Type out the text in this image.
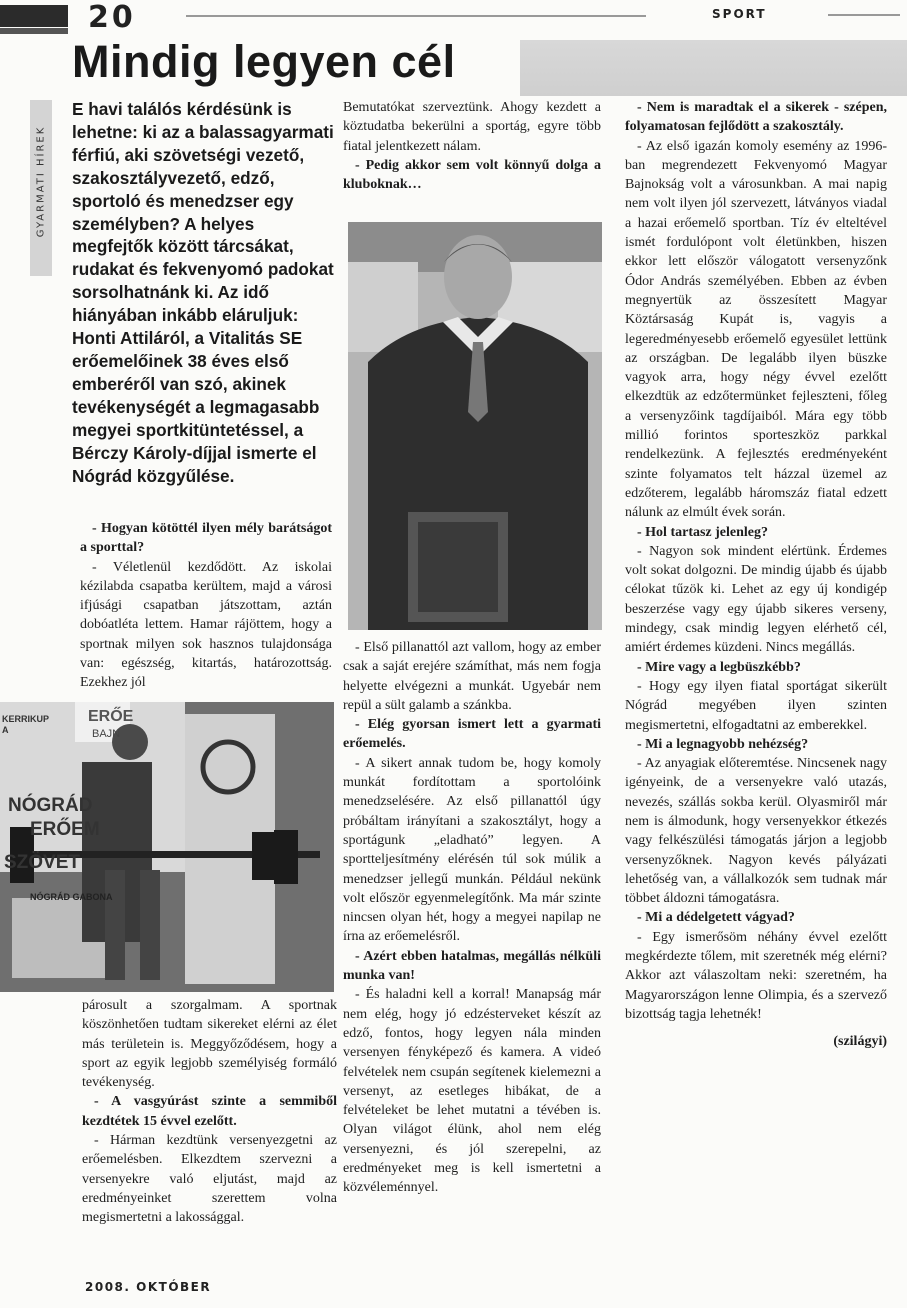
20	SPORT
Mindig legyen cél
GYARMATI HÍREK
E havi találós kérdésünk is lehetne: ki az a balassagyarmati férfiú, aki szövetségi vezető, szakosztályvezető, edző, sportoló és menedzser egy személyben? A helyes megfejtők között tárcsákat, rudakat és fekvenyomó padokat sorsolhatnánk ki. Az idő hiányában inkább eláruljuk: Honti Attiláról, a Vitalitás SE erőemelőinek 38 éves első emberéről van szó, akinek tevékenységét a legmagasabb megyei sportkitüntetéssel, a Bérczy Károly-díjjal ismerte el Nógrád közgyűlése.

- Hogyan kötöttél ilyen mély barátságot a sporttal?

- Véletlenül kezdődött. Az iskolai kézilabda csapatba kerültem, majd a városi ifjúsági csapatban játszottam, aztán dobóatléta lettem. Hamar rájöttem, hogy a sportnak milyen sok hasznos tulajdonsága van: egészség, kitartás, határozottság. Ezekhez jól

NÓGRÁD
ERŐEM
SZÖVET
ERŐE
BAJN
KERRIKUPA
NÓGRÁD GABONA

párosult a szorgalmam. A sportnak köszönhetően tudtam sikereket elérni az élet más területein is. Meggyőződésem, hogy a sport az egyik legjobb személyiség formáló tevékenység.

- A vasgyúrást szinte a semmiből kezdtétek 15 évvel ezelőtt.

- Hárman kezdtünk versenyezgetni az erőemelésben. Elkezdtem szervezni a versenyekre való eljutást, majd az eredményeinket szerettem volna megismertetni a lakossággal.

Bemutatókat szerveztünk. Ahogy kezdett a köztudatba bekerülni a sportág, egyre több fiatal jelentkezett nálam.

- Pedig akkor sem volt könnyű dolga a kluboknak…

- Első pillanattól azt vallom, hogy az ember csak a saját erejére számíthat, más nem fogja helyette elvégezni a munkát. Ugyebár nem repül a sült galamb a szánkba.

- Elég gyorsan ismert lett a gyarmati erőemelés.

- A sikert annak tudom be, hogy komoly munkát fordítottam a sportolóink menedzselésére. Az első pillanattól úgy próbáltam irányítani a szakosztályt, hogy a sportágunk „eladható” legyen. A sportteljesítmény elérésén túl sok múlik a menedzser jellegű munkán. Például nekünk volt először egyenmelegítőnk. Ma már szinte nincsen olyan hét, hogy a megyei napilap ne írna az erőemelésről.

- Azért ebben hatalmas, megállás nélküli munka van!

- És haladni kell a korral! Manapság már nem elég, hogy jó edzésterveket készít az edző, fontos, hogy legyen nála minden versenyen fényképező és kamera. A videó felvételek nem csupán segítenek kielemezni a versenyt, az esetleges hibákat, de a felvételeket be lehet mutatni a tévében is. Olyan világot élünk, ahol nem elég versenyezni, és jól szerepelni, az eredményeket meg is kell ismertetni a közvéleménnyel.

- Nem is maradtak el a sikerek - szépen, folyamatosan fejlődött a szakosztály.

- Az első igazán komoly esemény az 1996-ban megrendezett Fekvenyomó Magyar Bajnokság volt a városunkban. A mai napig nem volt ilyen jól szervezett, látványos viadal a hazai erőemelő sportban. Tíz év elteltével ismét fordulópont volt életünkben, hiszen ekkor lett először válogatott versenyzőnk Ódor András személyében. Ebben az évben megnyertük az összesített Magyar Köztársaság Kupát is, vagyis a legeredményesebb erőemelő egyesület lettünk az országban. De legalább ilyen büszke vagyok arra, hogy négy évvel ezelőtt elkezdtük az edzőtermünket fejleszteni, főleg a versenyzőink tagdíjaiból. Mára egy több millió forintos sporteszköz parkkal rendelkezünk. A fejlesztés eredményeként szinte folyamatos telt házzal üzemel az edzőterem, legalább háromszáz fiatal edzett nálunk az elmúlt évek során.

- Hol tartasz jelenleg?

- Nagyon sok mindent elértünk. Érdemes volt sokat dolgozni. De mindig újabb és újabb célokat tűzök ki. Lehet az egy új kondigép beszerzése vagy egy újabb sikeres verseny, mindegy, csak mindig legyen elérhető cél, amiért érdemes küzdeni. Nincs megállás.

- Mire vagy a legbüszkébb?

- Hogy egy ilyen fiatal sportágat sikerült Nógrád megyében ilyen szinten megismertetni, elfogadtatni az emberekkel.

- Mi a legnagyobb nehézség?

- Az anyagiak előteremtése. Nincsenek nagy igényeink, de a versenyekre való utazás, nevezés, szállás sokba kerül. Olyasmiről már nem is álmodunk, hogy versenyekkor étkezés vagy felkészülési támogatás járjon a legjobb versenyzőknek. Nagyon kevés pályázati lehetőség van, a vállalkozók sem tudnak már többet áldozni támogatásra.

- Mi a dédelgetett vágyad?

- Egy ismerősöm néhány évvel ezelőtt megkérdezte tőlem, mit szeretnék még elérni? Akkor azt válaszoltam neki: szeretném, ha Magyarországon lenne Olimpia, és a szervező bizottság tagja lehetnék!

(szilágyi)

2008. OKTÓBER
